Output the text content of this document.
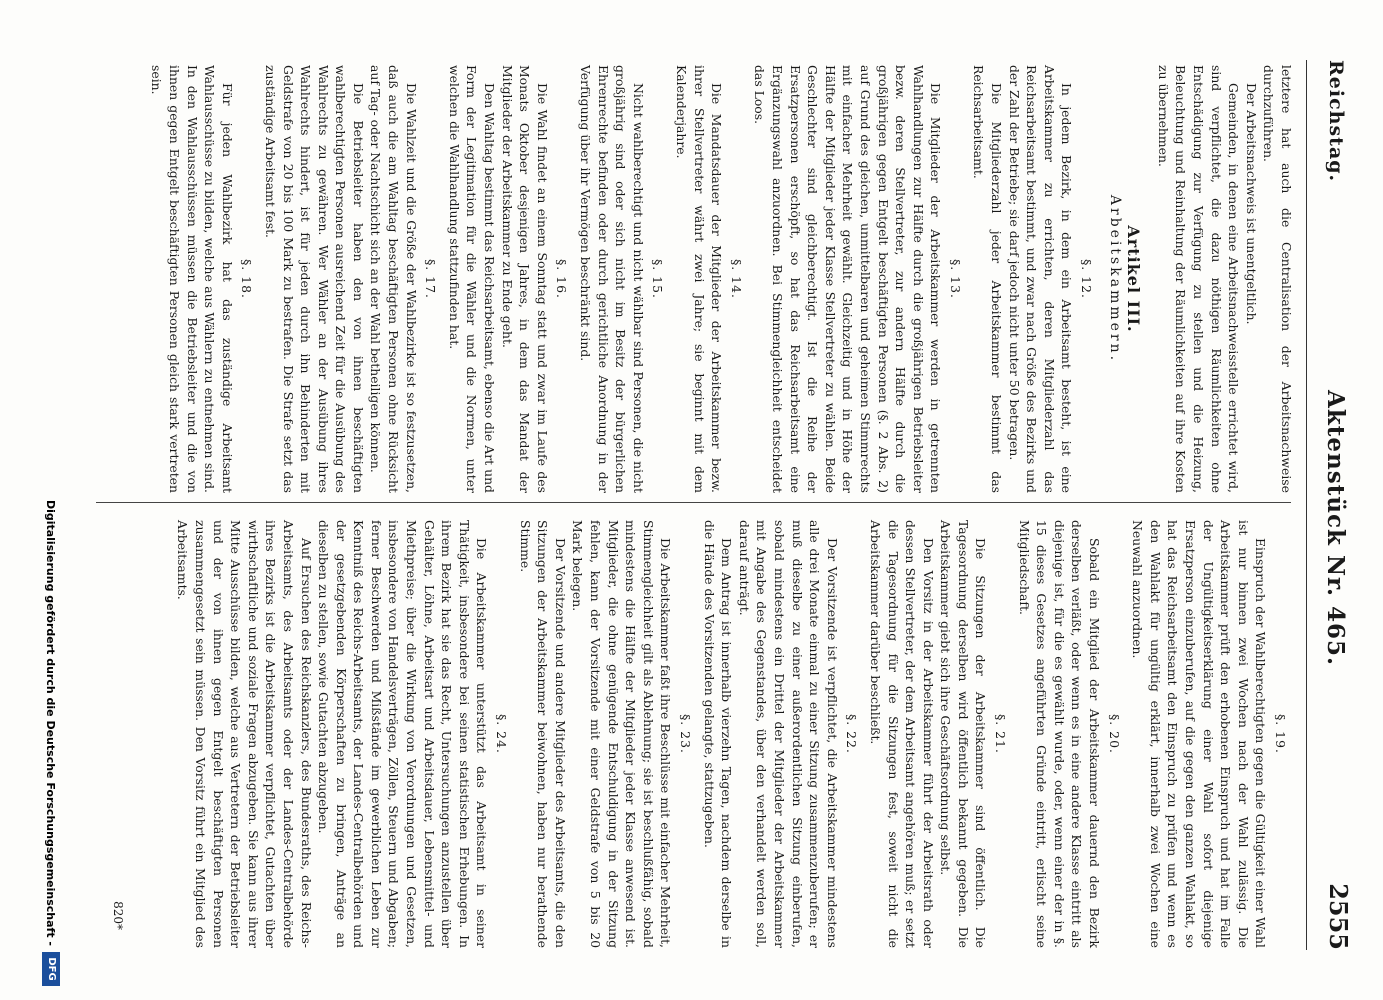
Reichstag.
Aktenstück Nr. 465.
2555

letztere hat auch die Centralisation der Arbeitsnachweise durchzuführen.

Der Arbeitsnachweis ist unentgeltlich.

Gemeinden, in denen eine Arbeitsnachweisstelle errichtet wird, sind verpflichtet, die dazu nöthigen Räumlichkeiten ohne Entschädigung zur Verfügung zu stellen und die Heizung, Beleuchtung und Reinhaltung der Räumlichkeiten auf ihre Kosten zu übernehmen.

Artikel III.
Arbeitskammern.
§. 12.

In jedem Bezirk, in dem ein Arbeitsamt besteht, ist eine Arbeitskammer zu errichten, deren Mitgliederzahl das Reichsarbeitsamt bestimmt, und zwar nach Größe des Bezirks und der Zahl der Betriebe; sie darf jedoch nicht unter 50 betragen.

Die Mitgliederzahl jeder Arbeitskammer bestimmt das Reichsarbeitsamt.

§. 13.

Die Mitglieder der Arbeitskammer werden in getrennten Wahlhandlungen zur Hälfte durch die großjährigen Betriebsleiter bezw. deren Stellvertreter, zur andern Hälfte durch die großjährigen gegen Entgelt beschäftigten Personen (§. 2 Abs. 2) auf Grund des gleichen, unmittelbaren und geheimen Stimmrechts mit einfacher Mehrheit gewählt. Gleichzeitig und in Höhe der Hälfte der Mitglieder jeder Klasse Stellvertreter zu wählen. Beide Geschlechter sind gleichberechtigt. Ist die Reihe der Ersatzpersonen erschöpft, so hat das Reichsarbeitsamt eine Ergänzungswahl anzuordnen. Bei Stimmengleichheit entscheidet das Loos.

§. 14.

Die Mandatsdauer der Mitglieder der Arbeitskammer bezw. ihrer Stellvertreter währt zwei Jahre; sie beginnt mit dem Kalenderjahre.

§. 15.

Nicht wahlberechtigt und nicht wählbar sind Personen, die nicht großjährig sind oder sich nicht im Besitz der bürgerlichen Ehrenrechte befinden oder durch gerichtliche Anordnung in der Verfügung über ihr Vermögen beschränkt sind.

§. 16.

Die Wahl findet an einem Sonntag statt und zwar im Laufe des Monats Oktober desjenigen Jahres, in dem das Mandat der Mitglieder der Arbeitskammer zu Ende geht.

Den Wahltag bestimmt das Reichsarbeitsamt, ebenso die Art und Form der Legitimation für die Wähler und die Normen, unter welchen die Wahlhandlung stattzufinden hat.

§. 17.

Die Wahlzeit und die Größe der Wahlbezirke ist so festzusetzen, daß auch die am Wahltag beschäftigten Personen ohne Rücksicht auf Tag- oder Nachtschicht sich an der Wahl betheiligen können.

Die Betriebsleiter haben den von ihnen beschäftigten wahlberechtigten Personen ausreichend Zeit für die Ausübung des Wahlrechts zu gewähren. Wer Wähler an der Ausübung ihres Wahlrechts hindert, ist für jeden durch ihn Behinderten mit Geldstrafe von 20 bis 100 Mark zu bestrafen. Die Strafe setzt das zuständige Arbeitsamt fest.

§. 18.

Für jeden Wahlbezirk hat das zuständige Arbeitsamt Wahlausschüsse zu bilden, welche aus Wählern zu entnehmen sind. In den Wahlausschüssen müssen die Betriebsleiter und die von ihnen gegen Entgelt beschäftigten Personen gleich stark vertreten sein.

§. 19.

Einspruch der Wahlberechtigten gegen die Gültigkeit einer Wahl ist nur binnen zwei Wochen nach der Wahl zulässig. Die Arbeitskammer prüft den erhobenen Einspruch und hat im Falle der Ungültigkeitserklärung einer Wahl sofort diejenige Ersatzperson einzuberufen, auf die gegen den ganzen Wahlakt, so hat das Reichsarbeitsamt den Einspruch zu prüfen und wenn es den Wahlakt für ungültig erklärt, innerhalb zwei Wochen eine Neuwahl anzuordnen.

§. 20.

Sobald ein Mitglied der Arbeitskammer dauernd den Bezirk derselben verläßt, oder wenn es in eine andere Klasse eintritt als diejenige ist, für die es gewählt wurde, oder, wenn einer der in §. 15 dieses Gesetzes angeführten Gründe eintritt, erlischt seine Mitgliedschaft.

§. 21.

Die Sitzungen der Arbeitskammer sind öffentlich. Die Tagesordnung derselben wird öffentlich bekannt gegeben. Die Arbeitskammer giebt sich ihre Geschäftsordnung selbst.

Den Vorsitz in der Arbeitskammer führt der Arbeitsrath oder dessen Stellvertreter, der dem Arbeitsamt angehören muß; er setzt die Tagesordnung für die Sitzungen fest, soweit nicht die Arbeitskammer darüber beschließt.

§. 22.

Der Vorsitzende ist verpflichtet, die Arbeitskammer mindestens alle drei Monate einmal zu einer Sitzung zusammenzuberufen; er muß dieselbe zu einer außerordentlichen Sitzung einberufen, sobald mindestens ein Drittel der Mitglieder der Arbeitskammer mit Angabe des Gegenstandes, über den verhandelt werden soll, darauf anträgt.

Dem Antrag ist innerhalb vierzehn Tagen, nachdem derselbe in die Hände des Vorsitzenden gelangte, stattzugeben.

§. 23.

Die Arbeitskammer faßt ihre Beschlüsse mit einfacher Mehrheit, Stimmengleichheit gilt als Ablehnung; sie ist beschlußfähig, sobald mindestens die Hälfte der Mitglieder jeder Klasse anwesend ist. Mitglieder, die ohne genügende Entschuldigung in der Sitzung fehlen, kann der Vorsitzende mit einer Geldstrafe von 5 bis 20 Mark belegen.

Der Vorsitzende und andere Mitglieder des Arbeitsamts, die den Sitzungen der Arbeitskammer beiwohnen, haben nur berathende Stimme.

§. 24.

Die Arbeitskammer unterstützt das Arbeitsamt in seiner Thätigkeit, insbesondere bei seinen statistischen Erhebungen. In ihrem Bezirk hat sie das Recht, Untersuchungen anzustellen über Gehälter, Löhne, Arbeitsart und Arbeitsdauer, Lebensmittel- und Miethpreise; über die Wirkung von Verordnungen und Gesetzen, insbesondere von Handelsverträgen, Zöllen, Steuern und Abgaben; ferner Beschwerden und Mißstände im gewerblichen Leben zur Kenntniß des Reichs-Arbeitsamts, der Landes-Centralbehörden und der gesetzgebenden Körperschaften zu bringen, Anträge an dieselben zu stellen, sowie Gutachten abzugeben.

Auf Ersuchen des Reichskanzlers, des Bundesraths, des Reichs-Arbeitsamts, des Arbeitsamts oder der Landes-Centralbehörde ihres Bezirks ist die Arbeitskammer verpflichtet, Gutachten über wirthschaftliche und soziale Fragen abzugeben. Sie kann aus ihrer Mitte Ausschüsse bilden, welche aus Vertretern der Betriebsleiter und der von ihnen gegen Entgelt beschäftigten Personen zusammengesetzt sein müssen. Den Vorsitz führt ein Mitglied des Arbeitsamts.

820*
Digitalisierung gefördert durch die Deutsche Forschungsgemeinschaft -
DFG
